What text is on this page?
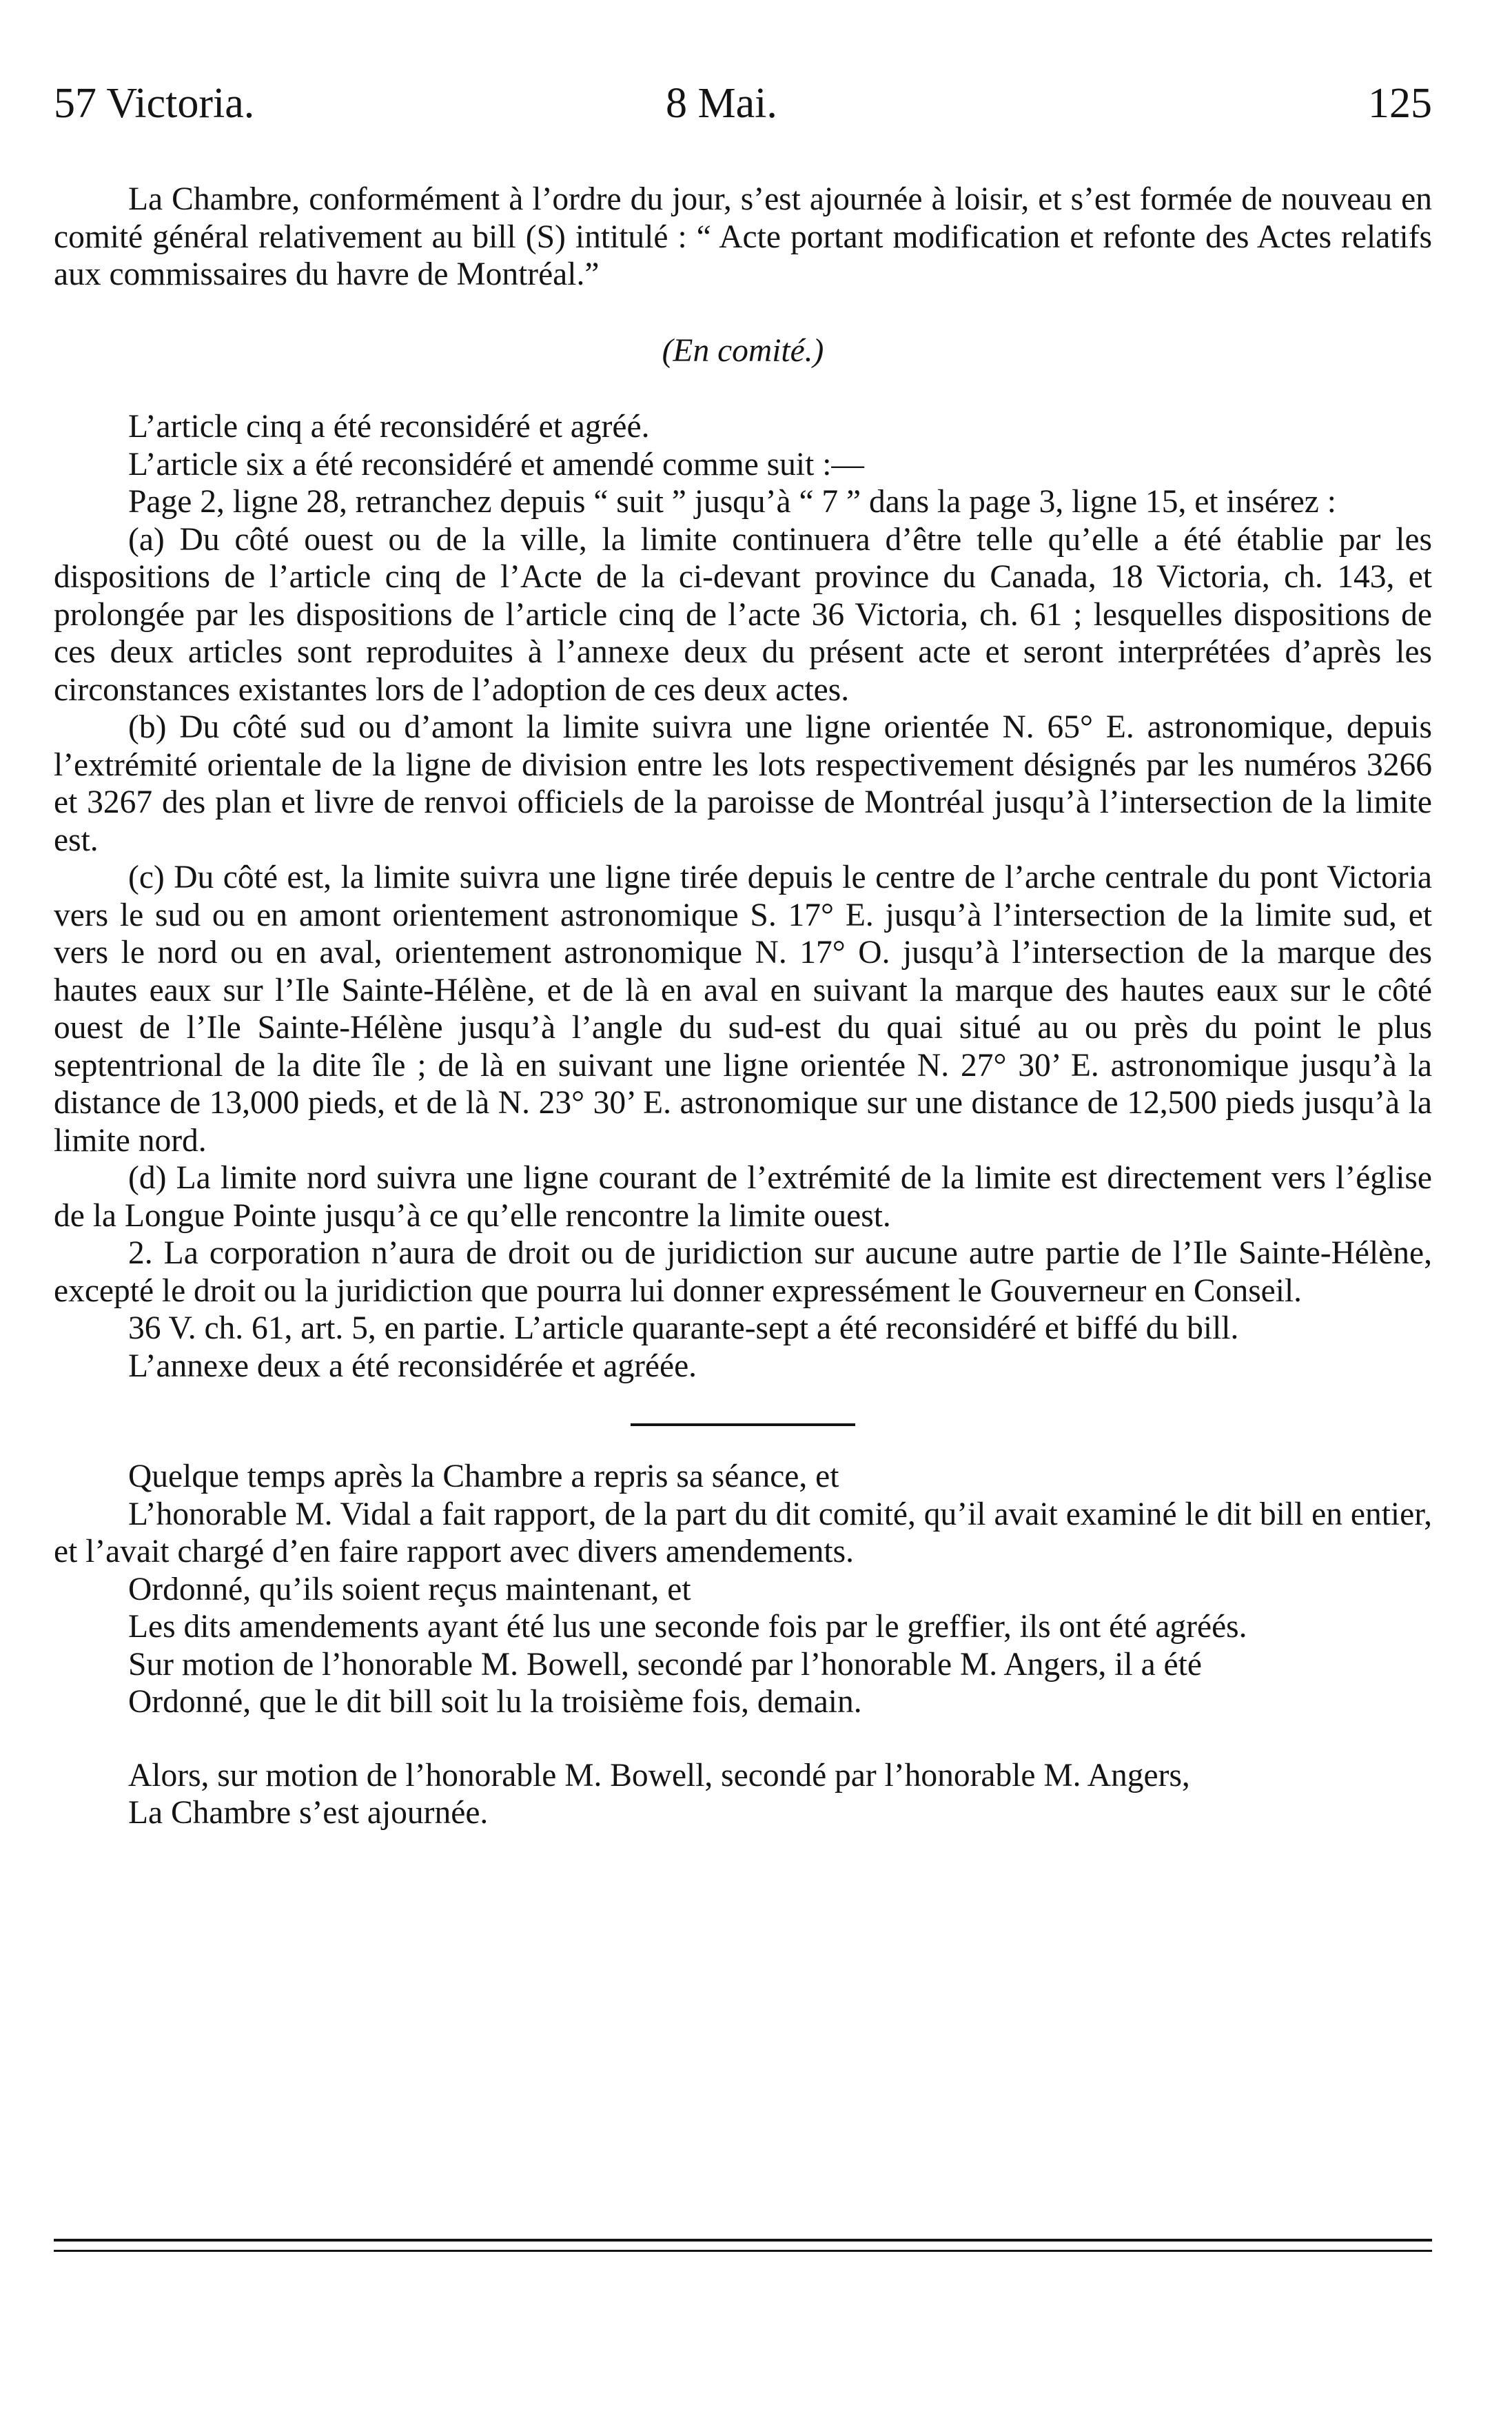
57 Victoria.	8 Mai.	125

La Chambre, conformément à l’ordre du jour, s’est ajournée à loisir, et s’est formée de nouveau en comité général relativement au bill (S) intitulé : “ Acte portant modification et refonte des Actes relatifs aux commissaires du havre de Montréal.”

(En comité.)

L’article cinq a été reconsidéré et agréé.

L’article six a été reconsidéré et amendé comme suit :—

Page 2, ligne 28, retranchez depuis “ suit ” jusqu’à “ 7 ” dans la page 3, ligne 15, et insérez :

(a) Du côté ouest ou de la ville, la limite continuera d’être telle qu’elle a été établie par les dispositions de l’article cinq de l’Acte de la ci-devant province du Canada, 18 Victoria, ch. 143, et prolongée par les dispositions de l’article cinq de l’acte 36 Victoria, ch. 61 ; lesquelles dispositions de ces deux articles sont reproduites à l’annexe deux du présent acte et seront interprétées d’après les circonstances existantes lors de l’adoption de ces deux actes.

(b) Du côté sud ou d’amont la limite suivra une ligne orientée N. 65° E. astronomique, depuis l’extrémité orientale de la ligne de division entre les lots respectivement désignés par les numéros 3266 et 3267 des plan et livre de renvoi officiels de la paroisse de Montréal jusqu’à l’intersection de la limite est.

(c) Du côté est, la limite suivra une ligne tirée depuis le centre de l’arche centrale du pont Victoria vers le sud ou en amont orientement astronomique S. 17° E. jusqu’à l’intersection de la limite sud, et vers le nord ou en aval, orientement astronomique N. 17° O. jusqu’à l’intersection de la marque des hautes eaux sur l’Ile Sainte-Hélène, et de là en aval en suivant la marque des hautes eaux sur le côté ouest de l’Ile Sainte-Hélène jusqu’à l’angle du sud-est du quai situé au ou près du point le plus septentrional de la dite île ; de là en suivant une ligne orientée N. 27° 30’ E. astronomique jusqu’à la distance de 13,000 pieds, et de là N. 23° 30’ E. astronomique sur une distance de 12,500 pieds jusqu’à la limite nord.

(d) La limite nord suivra une ligne courant de l’extrémité de la limite est directement vers l’église de la Longue Pointe jusqu’à ce qu’elle rencontre la limite ouest.

2. La corporation n’aura de droit ou de juridiction sur aucune autre partie de l’Ile Sainte-Hélène, excepté le droit ou la juridiction que pourra lui donner expressément le Gouverneur en Conseil.

36 V. ch. 61, art. 5, en partie. L’article quarante-sept a été reconsidéré et biffé du bill.

L’annexe deux a été reconsidérée et agréée.

Quelque temps après la Chambre a repris sa séance, et

L’honorable M. Vidal a fait rapport, de la part du dit comité, qu’il avait examiné le dit bill en entier, et l’avait chargé d’en faire rapport avec divers amendements.

Ordonné, qu’ils soient reçus maintenant, et

Les dits amendements ayant été lus une seconde fois par le greffier, ils ont été agréés.

Sur motion de l’honorable M. Bowell, secondé par l’honorable M. Angers, il a été

Ordonné, que le dit bill soit lu la troisième fois, demain.

Alors, sur motion de l’honorable M. Bowell, secondé par l’honorable M. Angers,

La Chambre s’est ajournée.
